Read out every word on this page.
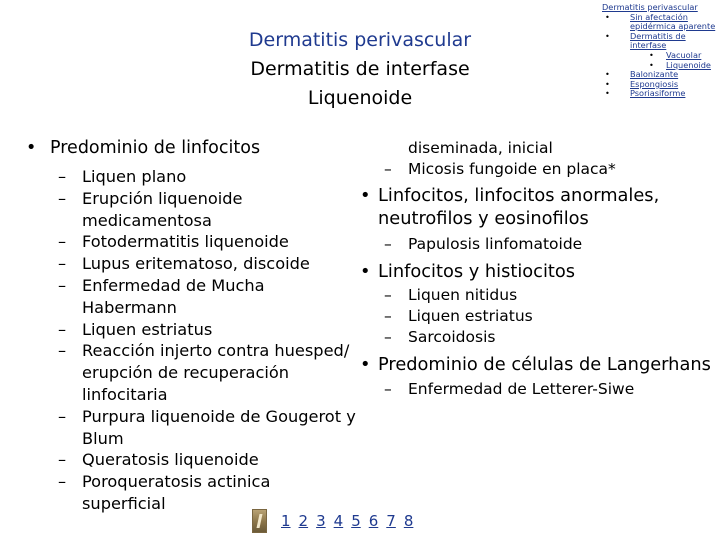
Dermatitis perivascular
Dermatitis de interfase
Liquenoide
Dermatitis perivascular
• Sin afectación epidérmica aparente
• Dermatitis de interfase
• Vacuolar
• Liquenoide
• Balonizante
• Espongiosis
• Psoriasiforme
• Predominio de linfocitos
– Liquen plano
– Erupción liquenoide medicamentosa
– Fotodermatitis liquenoide
– Lupus eritematoso, discoide
– Enfermedad de Mucha Habermann
– Liquen estriatus
– Reacción injerto contra huesped/ erupción de recuperación linfocitaria
– Purpura liquenoide de Gougerot y Blum
– Queratosis liquenoide
– Poroqueratosis actinica superficial
diseminada, inicial
– Micosis fungoide en placa*
• Linfocitos, linfocitos anormales, neutrofilos y eosinofilos
– Papulosis linfomatoide
• Linfocitos y histiocitos
– Liquen nitidus
– Liquen estriatus
– Sarcoidosis
• Predominio de células de Langerhans
– Enfermedad de Letterer-Siwe
1 2 3 4 5 6 7 8
